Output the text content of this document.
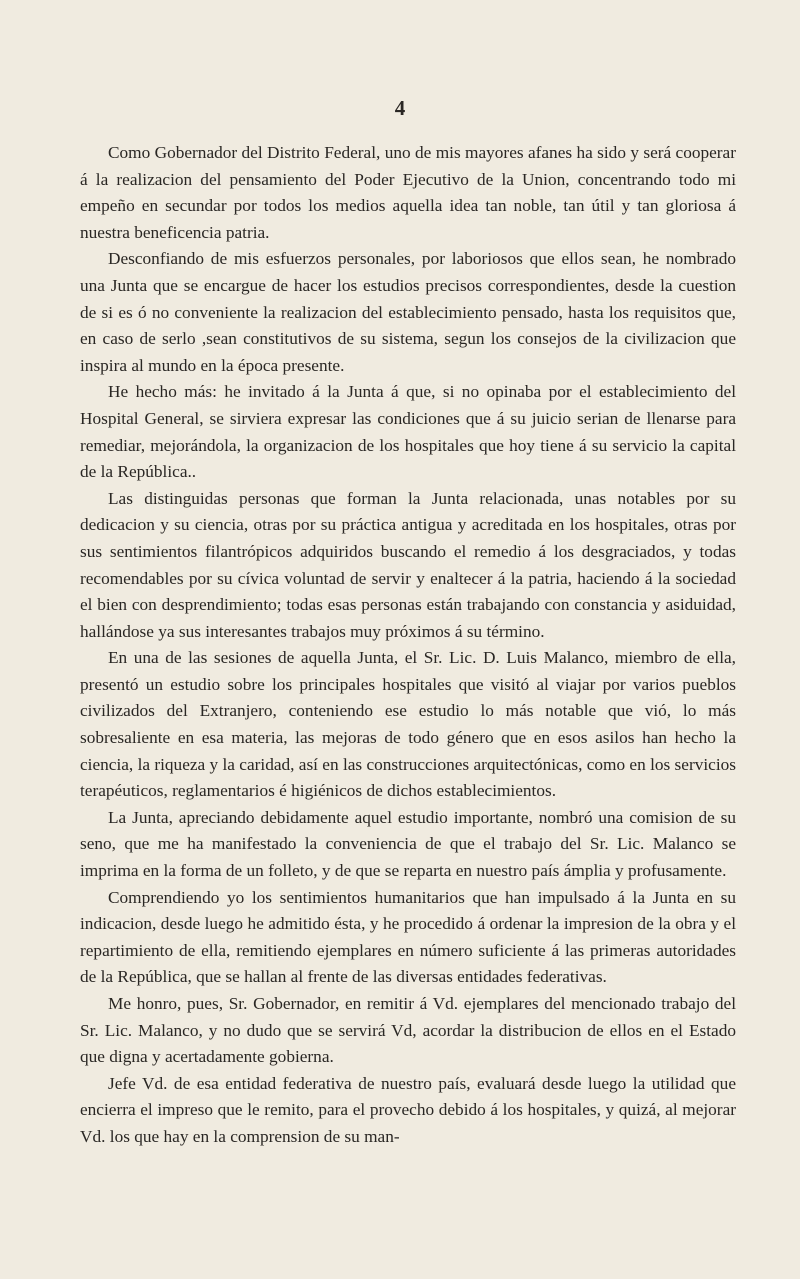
4

Como Gobernador del Distrito Federal, uno de mis mayores afanes ha sido y será cooperar á la realizacion del pensamiento del Poder Ejecutivo de la Union, concentrando todo mi empeño en secundar por todos los medios aquella idea tan noble, tan útil y tan gloriosa á nuestra beneficencia patria.

Desconfiando de mis esfuerzos personales, por laboriosos que ellos sean, he nombrado una Junta que se encargue de hacer los estudios precisos correspondientes, desde la cuestion de si es ó no conveniente la realizacion del establecimiento pensado, hasta los requisitos que, en caso de serlo ,sean constitutivos de su sistema, segun los consejos de la civilizacion que inspira al mundo en la época presente.

He hecho más: he invitado á la Junta á que, si no opinaba por el establecimiento del Hospital General, se sirviera expresar las condiciones que á su juicio serian de llenarse para remediar, mejorándola, la organizacion de los hospitales que hoy tiene á su servicio la capital de la República..

Las distinguidas personas que forman la Junta relacionada, unas notables por su dedicacion y su ciencia, otras por su práctica antigua y acreditada en los hospitales, otras por sus sentimientos filantrópicos adquiridos buscando el remedio á los desgraciados, y todas recomendables por su cívica voluntad de servir y enaltecer á la patria, haciendo á la sociedad el bien con desprendimiento; todas esas personas están trabajando con constancia y asiduidad, hallándose ya sus interesantes trabajos muy próximos á su término.

En una de las sesiones de aquella Junta, el Sr. Lic. D. Luis Malanco, miembro de ella, presentó un estudio sobre los principales hospitales que visitó al viajar por varios pueblos civilizados del Extranjero, conteniendo ese estudio lo más notable que vió, lo más sobresaliente en esa materia, las mejoras de todo género que en esos asilos han hecho la ciencia, la riqueza y la caridad, así en las construcciones arquitectónicas, como en los servicios terapéuticos, reglamentarios é higiénicos de dichos establecimientos.

La Junta, apreciando debidamente aquel estudio importante, nombró una comision de su seno, que me ha manifestado la conveniencia de que el trabajo del Sr. Lic. Malanco se imprima en la forma de un folleto, y de que se reparta en nuestro país ámplia y profusamente.

Comprendiendo yo los sentimientos humanitarios que han impulsado á la Junta en su indicacion, desde luego he admitido ésta, y he procedido á ordenar la impresion de la obra y el repartimiento de ella, remitiendo ejemplares en número suficiente á las primeras autoridades de la República, que se hallan al frente de las diversas entidades federativas.

Me honro, pues, Sr. Gobernador, en remitir á Vd. ejemplares del mencionado trabajo del Sr. Lic. Malanco, y no dudo que se servirá Vd, acordar la distribucion de ellos en el Estado que digna y acertadamente gobierna.

Jefe Vd. de esa entidad federativa de nuestro país, evaluará desde luego la utilidad que encierra el impreso que le remito, para el provecho debido á los hospitales, y quizá, al mejorar Vd. los que hay en la comprension de su man-
